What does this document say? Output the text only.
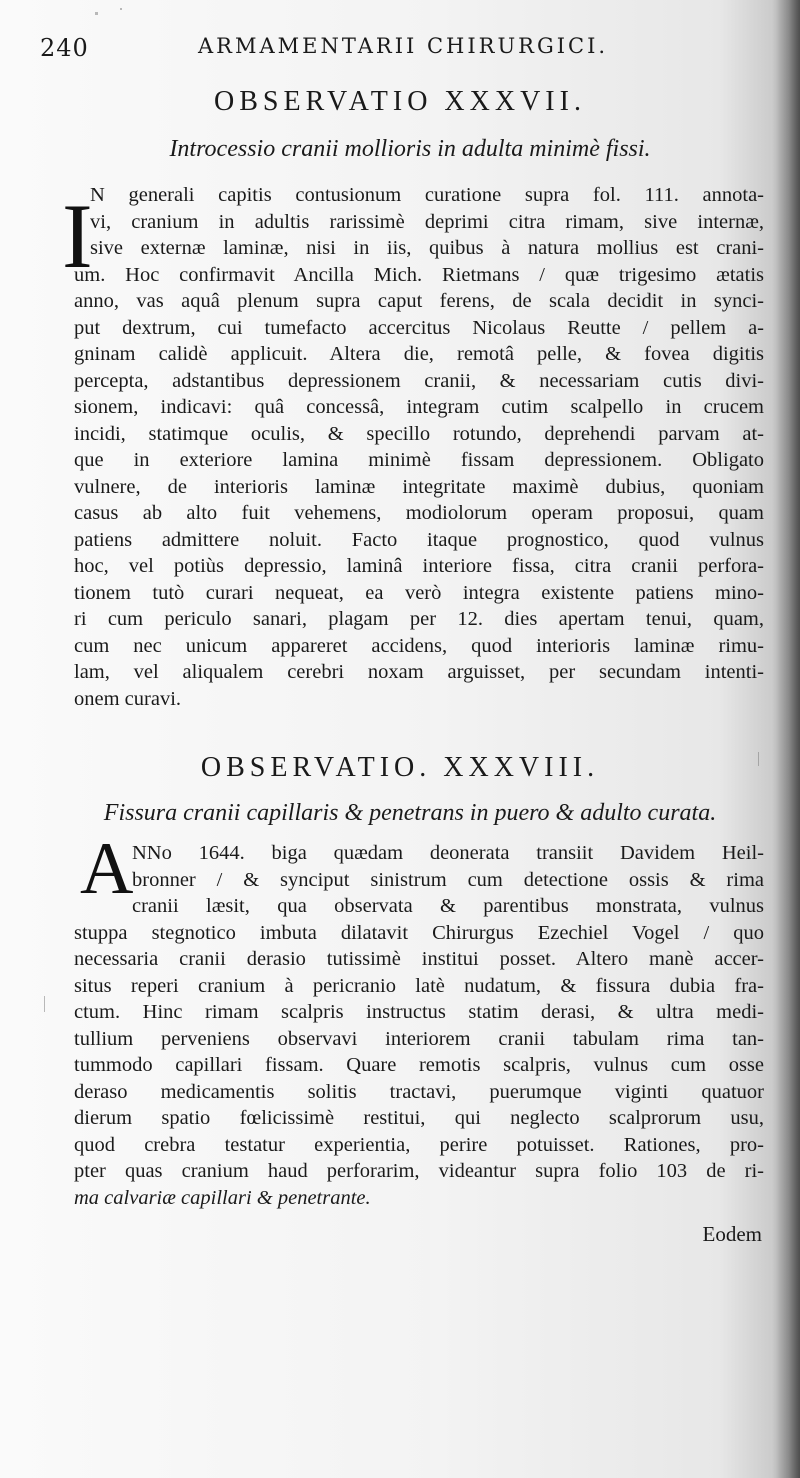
240	ARMAMENTARII CHIRURGICI.
OBSERVATIO XXXVII.
Introcessio cranii mollioris in adulta minimè fissi.
I
N generali capitis contusionum curatione supra fol. 111. annota-
vi, cranium in adultis rarissimè deprimi citra rimam, sive internæ,
sive externæ laminæ, nisi in iis, quibus à natura mollius est crani-
um. Hoc confirmavit Ancilla Mich. Rietmans / quæ trigesimo ætatis
anno, vas aquâ plenum supra caput ferens, de scala decidit in synci-
put dextrum, cui tumefacto accercitus Nicolaus Reutte / pellem a-
gninam calidè applicuit. Altera die, remotâ pelle, & fovea digitis
percepta, adstantibus depressionem cranii, & necessariam cutis divi-
sionem, indicavi: quâ concessâ, integram cutim scalpello in crucem
incidi, statimque oculis, & specillo rotundo, deprehendi parvam at-
que in exteriore lamina minimè fissam depressionem. Obligato
vulnere, de interioris laminæ integritate maximè dubius, quoniam
casus ab alto fuit vehemens, modiolorum operam proposui, quam
patiens admittere noluit. Facto itaque prognostico, quod vulnus
hoc, vel potiùs depressio, laminâ interiore fissa, citra cranii perfora-
tionem tutò curari nequeat, ea verò integra existente patiens mino-
ri cum periculo sanari, plagam per 12. dies apertam tenui, quam,
cum nec unicum appareret accidens, quod interioris laminæ rimu-
lam, vel aliqualem cerebri noxam arguisset, per secundam intenti-
onem curavi.
OBSERVATIO. XXXVIII.
Fissura cranii capillaris & penetrans in puero & adulto curata.
A
NNo 1644. biga quædam deonerata transiit Davidem Heil-
bronner / & synciput sinistrum cum detectione ossis & rima
cranii læsit, qua observata & parentibus monstrata, vulnus
stuppa stegnotico imbuta dilatavit Chirurgus Ezechiel Vogel / quo
necessaria cranii derasio tutissimè institui posset. Altero manè accer-
situs reperi cranium à pericranio latè nudatum, & fissura dubia fra-
ctum. Hinc rimam scalpris instructus statim derasi, & ultra medi-
tullium perveniens observavi interiorem cranii tabulam rima tan-
tummodo capillari fissam. Quare remotis scalpris, vulnus cum osse
deraso medicamentis solitis tractavi, puerumque viginti quatuor
dierum spatio fœlicissimè restitui, qui neglecto scalprorum usu,
quod crebra testatur experientia, perire potuisset. Rationes, pro-
pter quas cranium haud perforarim, videantur supra folio 103 de ri-
ma calvariæ capillari & penetrante.
Eodem
